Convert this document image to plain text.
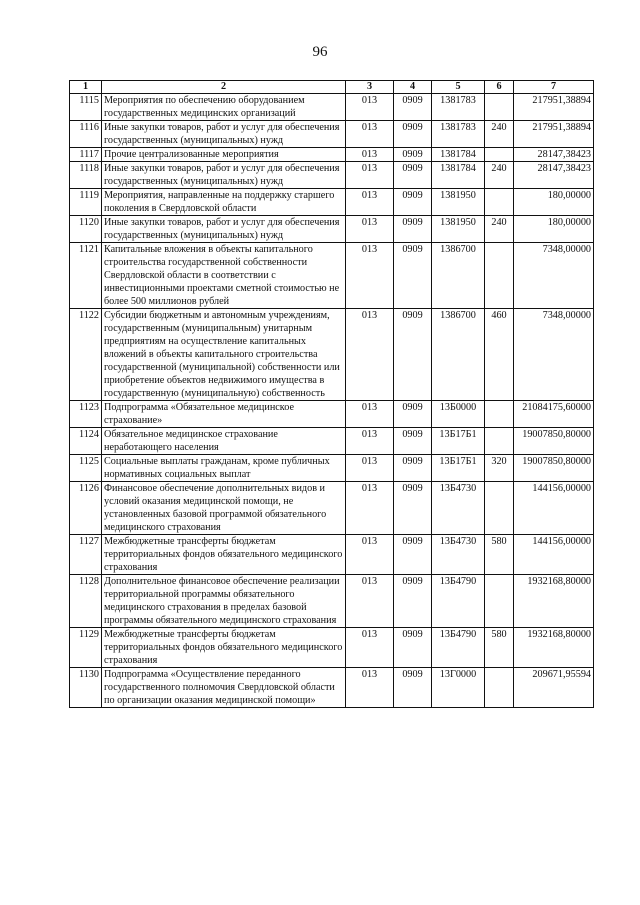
96
1	2	3	4	5	6	7
1115	Мероприятия по обеспечению оборудованием государственных медицинских организаций	013	0909	1381783		217951,38894
1116	Иные закупки товаров, работ и услуг для обеспечения государственных (муниципальных) нужд	013	0909	1381783	240	217951,38894
1117	Прочие централизованные мероприятия	013	0909	1381784		28147,38423
1118	Иные закупки товаров, работ и услуг для обеспечения государственных (муниципальных) нужд	013	0909	1381784	240	28147,38423
1119	Мероприятия, направленные на поддержку старшего поколения в Свердловской области	013	0909	1381950		180,00000
1120	Иные закупки товаров, работ и услуг для обеспечения государственных (муниципальных) нужд	013	0909	1381950	240	180,00000
1121	Капитальные вложения в объекты капитального строительства государственной собственности Свердловской области в соответствии с инвестиционными проектами сметной стоимостью не более 500 миллионов рублей	013	0909	1386700		7348,00000
1122	Субсидии бюджетным и автономным учреждениям, государственным (муниципальным) унитарным предприятиям на осуществление капитальных вложений в объекты капитального строительства государственной (муниципальной) собственности или приобретение объектов недвижимого имущества в государственную (муниципальную) собственность	013	0909	1386700	460	7348,00000
1123	Подпрограмма «Обязательное медицинское страхование»	013	0909	13Б0000		21084175,60000
1124	Обязательное медицинское страхование неработающего населения	013	0909	13Б17Б1		19007850,80000
1125	Социальные выплаты гражданам, кроме публичных нормативных социальных выплат	013	0909	13Б17Б1	320	19007850,80000
1126	Финансовое обеспечение дополнительных видов и условий оказания медицинской помощи, не установленных базовой программой обязательного медицинского страхования	013	0909	13Б4730		144156,00000
1127	Межбюджетные трансферты бюджетам территориальных фондов обязательного медицинского страхования	013	0909	13Б4730	580	144156,00000
1128	Дополнительное финансовое обеспечение реализации территориальной программы обязательного медицинского страхования в пределах базовой программы обязательного медицинского страхования	013	0909	13Б4790		1932168,80000
1129	Межбюджетные трансферты бюджетам территориальных фондов обязательного медицинского страхования	013	0909	13Б4790	580	1932168,80000
1130	Подпрограмма «Осуществление переданного государственного полномочия Свердловской области по организации оказания медицинской помощи»	013	0909	13Г0000		209671,95594
